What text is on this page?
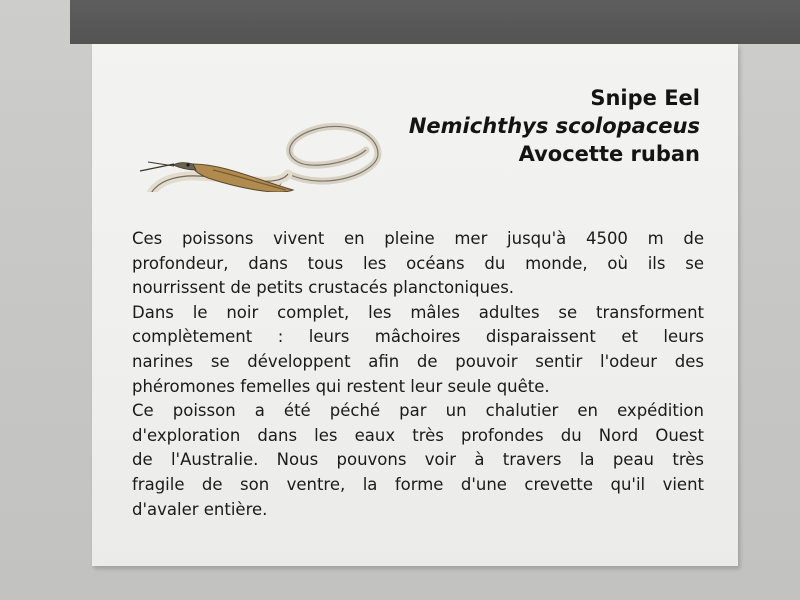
Snipe Eel
Nemichthys scolopaceus
Avocette ruban

Ces poissons vivent en pleine mer jusqu'à 4500 m de
profondeur, dans tous les océans du monde, où ils se
nourrissent de petits crustacés planctoniques.

Dans le noir complet, les mâles adultes se transforment
complètement : leurs mâchoires disparaissent et leurs
narines se développent afin de pouvoir sentir l'odeur des
phéromones femelles qui restent leur seule quête.

Ce poisson a été péché par un chalutier en expédition
d'exploration dans les eaux très profondes du Nord Ouest
de l'Australie. Nous pouvons voir à travers la peau très
fragile de son ventre, la forme d'une crevette qu'il vient
d'avaler entière.
